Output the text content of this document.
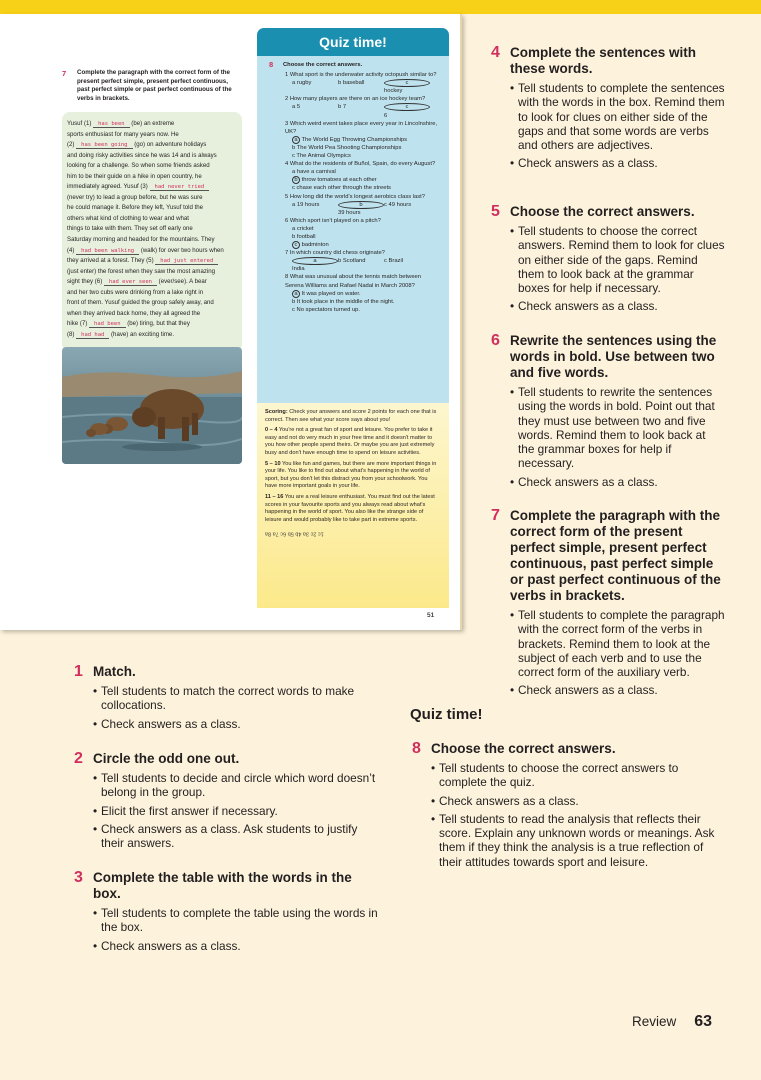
7 Complete the paragraph with the correct form of the present perfect simple, present perfect continuous, past perfect simple or past perfect continuous of the verbs in brackets.
Yusuf (1) has been (be) an extreme
sports enthusiast for many years now. He
(2) has been going (go) on adventure holidays
and doing risky activities since he was 14 and is always
looking for a challenge. So when some friends asked
him to be their guide on a hike in open country, he
immediately agreed. Yusuf (3) had never tried
(never try) to lead a group before, but he was sure
he could manage it. Before they left, Yusuf told the
others what kind of clothing to wear and what
things to take with them. They set off early one
Saturday morning and headed for the mountains. They
(4) had been walking (walk) for over two hours when
they arrived at a forest. They (5) had just entered
(just enter) the forest when they saw the most amazing
sight they (6) had ever seen (ever/see). A bear
and her two cubs were drinking from a lake right in
front of them. Yusuf guided the group safely away, and
when they arrived back home, they all agreed the
hike (7) had been (be) tiring, but that they
(8) had had (have) an exciting time.
Quiz time!
8 Choose the correct answers.
1 What sport is the underwater activity octopush similar to?
a rugby	b baseball	c hockey
2 How many players are there on an ice hockey team?
a 5	b 7	c 6
3 Which weird event takes place every year in Lincolnshire, UK?
a The World Egg Throwing Championships
b The World Pea Shooting Championships
c The Animal Olympics
4 What do the residents of Buñol, Spain, do every August?
a have a carnival
b throw tomatoes at each other
c chase each other through the streets
5 How long did the world's longest aerobics class last?
a 19 hours	b 39 hours
c 49 hours
6 Which sport isn't played on a pitch?
a cricket
b football
c badminton
7 In which country did chess originate?
a India
b Scotland	c Brazil
8 What was unusual about the tennis match between Serena Williams and Rafael Nadal in March 2008?
a It was played on water.
b It took place in the middle of the night.
c No spectators turned up.

Scoring: Check your answers and score 2 points for each one that is correct. Then see what your score says about you!

0 – 4 You're not a great fan of sport and leisure. You prefer to take it easy and not do very much in your free time and it doesn't matter to you how other people spend theirs. Or maybe you are just extremely busy and don't have enough time to spend on leisure activities.

5 – 10 You like fun and games, but there are more important things in your life. You like to find out about what's happening in the world of sport, but you don't let this distract you from your schoolwork. You have more important goals in your life.

11 – 16 You are a real leisure enthusiast. You must find out the latest scores in your favourite sports and you always read about what's happening in the world of sport. You also like the strange side of leisure and would probably like to take part in extreme sports.

1c 2c 3a 4b 5b 6c 7a 8a
51
1 Match.
• Tell students to match the correct words to make collocations.
• Check answers as a class.
2 Circle the odd one out.
• Tell students to decide and circle which word doesn’t belong in the group.
• Elicit the first answer if necessary.
• Check answers as a class. Ask students to justify their answers.
3 Complete the table with the words in the box.
• Tell students to complete the table using the words in the box.
• Check answers as a class.
4 Complete the sentences with these words.
• Tell students to complete the sentences with the words in the box. Remind them to look for clues on either side of the gaps and that some words are verbs and others are adjectives.
• Check answers as a class.
5 Choose the correct answers.
• Tell students to choose the correct answers. Remind them to look for clues on either side of the gaps. Remind them to look back at the grammar boxes for help if necessary.
• Check answers as a class.
6 Rewrite the sentences using the words in bold. Use between two and five words.
• Tell students to rewrite the sentences using the words in bold. Point out that they must use between two and five words. Remind them to look back at the grammar boxes for help if necessary.
• Check answers as a class.
7 Complete the paragraph with the correct form of the present perfect simple, present perfect continuous, past perfect simple or past perfect continuous of the verbs in brackets.
• Tell students to complete the paragraph with the correct form of the verbs in brackets. Remind them to look at the subject of each verb and to use the correct form of the auxiliary verb.
• Check answers as a class.
Quiz time!
8 Choose the correct answers.
• Tell students to choose the correct answers to complete the quiz.
• Check answers as a class.
• Tell students to read the analysis that reflects their score. Explain any unknown words or meanings. Ask them if they think the analysis is a true reflection of their attitudes towards sport and leisure.
Review 63
